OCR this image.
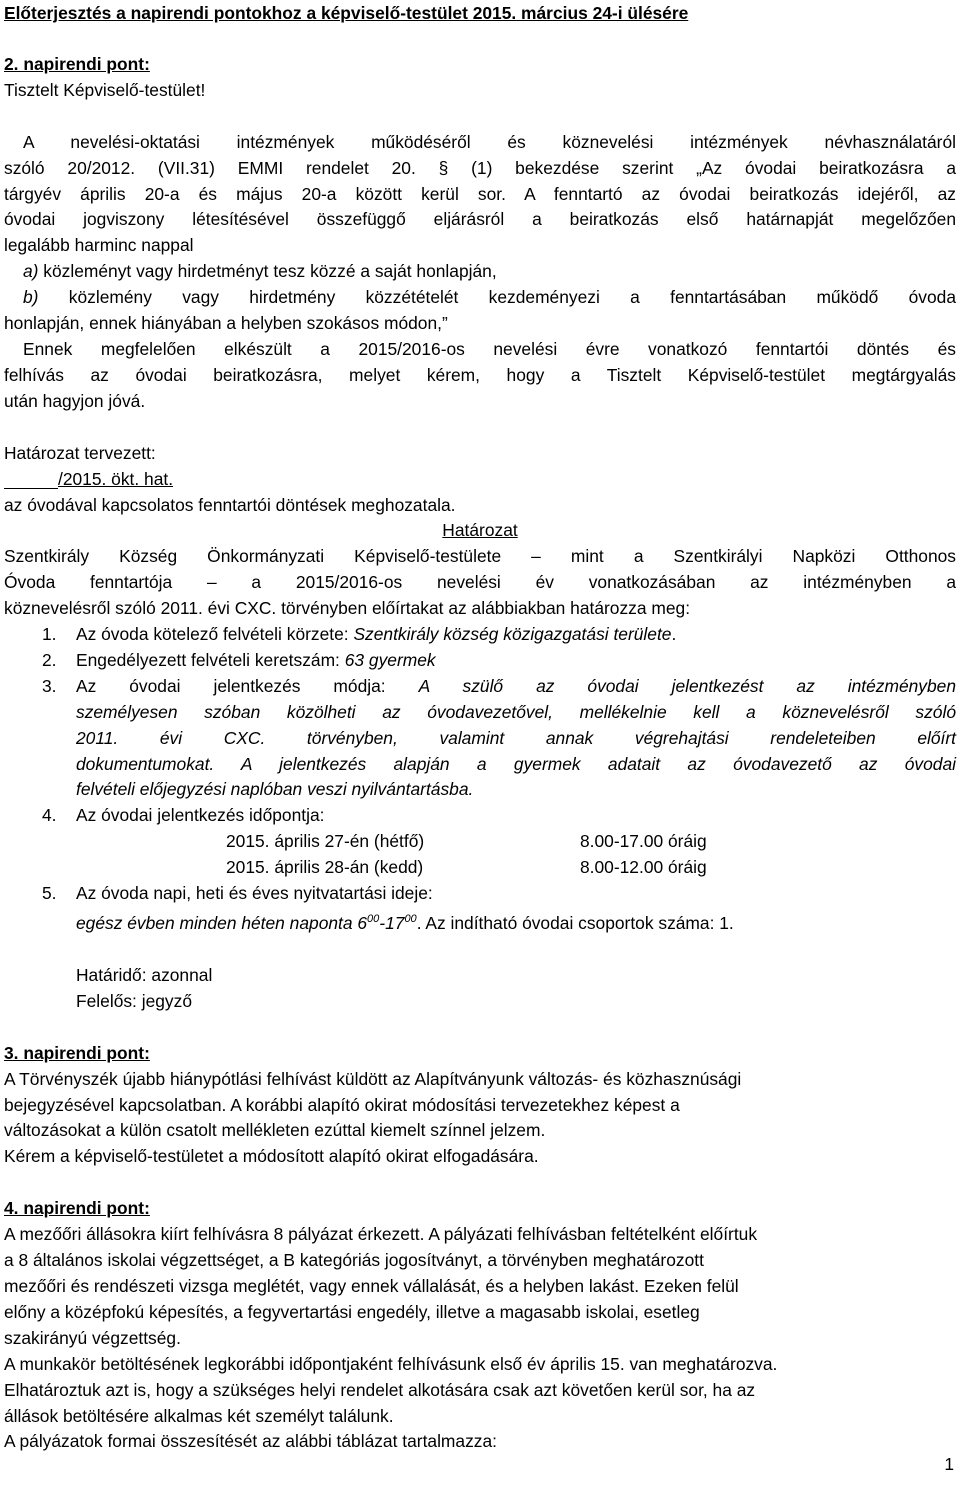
Előterjesztés a napirendi pontokhoz a képviselő-testület 2015. március 24-i ülésére

2. napirendi pont:

Tisztelt Képviselő-testület!

A nevelési-oktatási intézmények működéséről és köznevelési intézmények névhasználatáról

szóló 20/2012. (VII.31) EMMI rendelet 20. § (1) bekezdése szerint „Az óvodai beiratkozásra a

tárgyév április 20-a és május 20-a között kerül sor. A fenntartó az óvodai beiratkozás idejéről, az

óvodai jogviszony létesítésével összefüggő eljárásról a beiratkozás első határnapját megelőzően

legalább harminc nappal

a) közleményt vagy hirdetményt tesz közzé a saját honlapján,

b) közlemény vagy hirdetmény közzétételét kezdeményezi a fenntartásában működő óvoda

honlapján, ennek hiányában a helyben szokásos módon,”

Ennek megfelelően elkészült a 2015/2016-os nevelési évre vonatkozó fenntartói döntés és

felhívás az óvodai beiratkozásra, melyet kérem, hogy a Tisztelt Képviselő-testület megtárgyalás

után hagyjon jóvá.

Határozat tervezett:

/2015. ökt. hat.

az óvodával kapcsolatos fenntartói döntések meghozatala.

Határozat

Szentkirály Község Önkormányzati Képviselő-testülete – mint a Szentkirályi Napközi Otthonos

Óvoda fenntartója – a 2015/2016-os nevelési év vonatkozásában az intézményben a

köznevelésről szóló 2011. évi CXC. törvényben előírtakat az alábbiakban határozza meg:

1.	Az óvoda kötelező felvételi körzete: Szentkirály község közigazgatási területe.

2.	Engedélyezett felvételi keretszám: 63 gyermek

3.	Az óvodai jelentkezés módja: A szülő az óvodai jelentkezést az intézményben

személyesen szóban közölheti az óvodavezetővel, mellékelnie kell a köznevelésről szóló

2011. évi CXC. törvényben, valamint annak végrehajtási rendeleteiben előírt

dokumentumokat. A jelentkezés alapján a gyermek adatait az óvodavezető az óvodai

felvételi előjegyzési naplóban veszi nyilvántartásba.

4.	Az óvodai jelentkezés időpontja:

2015. április 27-én (hétfő)	8.00-17.00 óráig

2015. április 28-án (kedd)	8.00-12.00 óráig

5.	Az óvoda napi, heti és éves nyitvatartási ideje:

egész évben minden héten naponta $6^{00}-17^{00}$. Az indítható óvodai csoportok száma: 1.

Határidő: azonnal

Felelős: jegyző

3. napirendi pont:

A Törvényszék újabb hiánypótlási felhívást küldött az Alapítványunk változás- és közhasznúsági

bejegyzésével kapcsolatban. A korábbi alapító okirat módosítási tervezetekhez képest a

változásokat a külön csatolt mellékleten ezúttal kiemelt színnel jelzem.

Kérem a képviselő-testületet a módosított alapító okirat elfogadására.

4. napirendi pont:

A mezőőri állásokra kiírt felhívásra 8 pályázat érkezett. A pályázati felhívásban feltételként előírtuk

a 8 általános iskolai végzettséget, a B kategóriás jogosítványt, a törvényben meghatározott

mezőőri és rendészeti vizsga meglétét, vagy ennek vállalását, és a helyben lakást. Ezeken felül

előny a középfokú képesítés, a fegyvertartási engedély, illetve a magasabb iskolai, esetleg

szakirányú végzettség.

A munkakör betöltésének legkorábbi időpontjaként felhívásunk első év április 15. van meghatározva.

Elhatároztuk azt is, hogy a szükséges helyi rendelet alkotására csak azt követően kerül sor, ha az

állások betöltésére alkalmas két személyt találunk.

A pályázatok formai összesítését az alábbi táblázat tartalmazza:

1
